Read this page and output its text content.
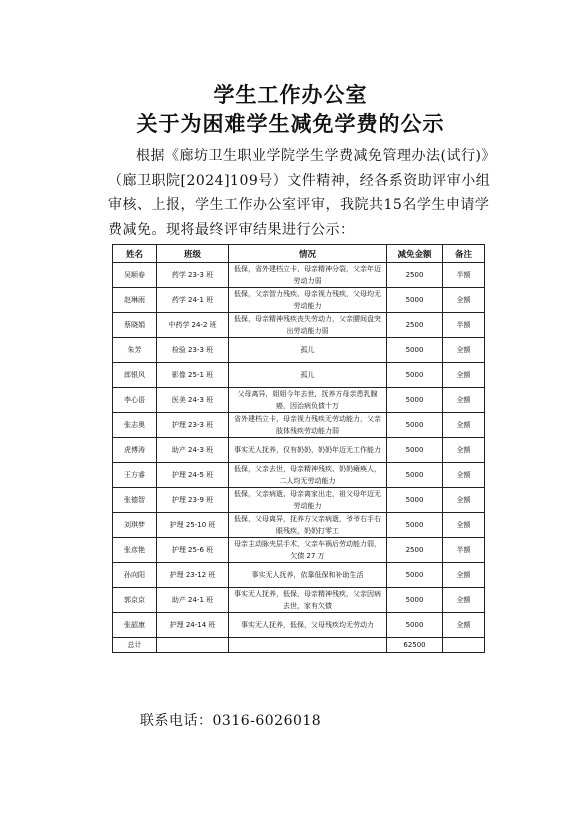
学生工作办公室
关于为困难学生减免学费的公示

根据《廊坊卫生职业学院学生学费减免管理办法(试行)》（廊卫职院[2024]109号）文件精神，经各系资助评审小组审核、上报，学生工作办公室评审，我院共15名学生申请学费减免。现将最终评审结果进行公示：

姓名	班级	情况	减免金额	备注
吴顺春	药学 23-3 班	低保，省外建档立卡、母亲精神分裂，父亲年迈劳动力弱	2500	半额
赵琳雨	药学 24-1 班	低保，父亲智力残疾、母亲视力残疾，父母均无劳动能力	5000	全额
蔡晓娟	中药学 24-2 班	低保，母亲精神残疾丧失劳动力，父亲腰间盘突出劳动能力弱	2500	半额
朱芳	检验 23-3 班	孤儿	5000	全额
郎银风	影像 25-1 班	孤儿	5000	全额
李心语	医美 24-3 班	父母离异，姐姐今年去世，抚养方母亲患乳腺癌，因治病负债十万	5000	全额
张志奥	护理 23-3 班	省外建档立卡，母亲视力残疾无劳动能力，父亲肢体残疾劳动能力弱	5000	全额
虎博涛	助产 24-3 班	事实无人抚养，仅有奶奶，奶奶年迈无工作能力	5000	全额
王方睿	护理 24-5 班	低保，父亲去世，母亲精神残疾、奶奶瘫痪人，二人均无劳动能力	5000	全额
张德智	护理 23-9 班	低保，父亲病逝、母亲离家出走，祖父母年迈无劳动能力	5000	全额
刘琪梦	护理 25-10 班	低保，父母离异，抚养方父亲病逝，爷爷右手右眼残疾，奶奶打零工	5000	全额
张彦艳	护理 25-6 班	母亲主动脉夹层手术，父亲车祸后劳动能力弱，欠债 27 万	2500	半额
孙向阳	护理 23-12 班	事实无人抚养，依靠低保和补助生活	5000	全额
郭京京	助产 24-1 班	事实无人抚养，低保，母亲精神残疾，父亲因病去世，家有欠债	5000	全额
张韶康	护理 24-14 班	事实无人抚养，低保，父母残疾均无劳动力	5000	全额
总计			62500	
联系电话：0316-6026018
